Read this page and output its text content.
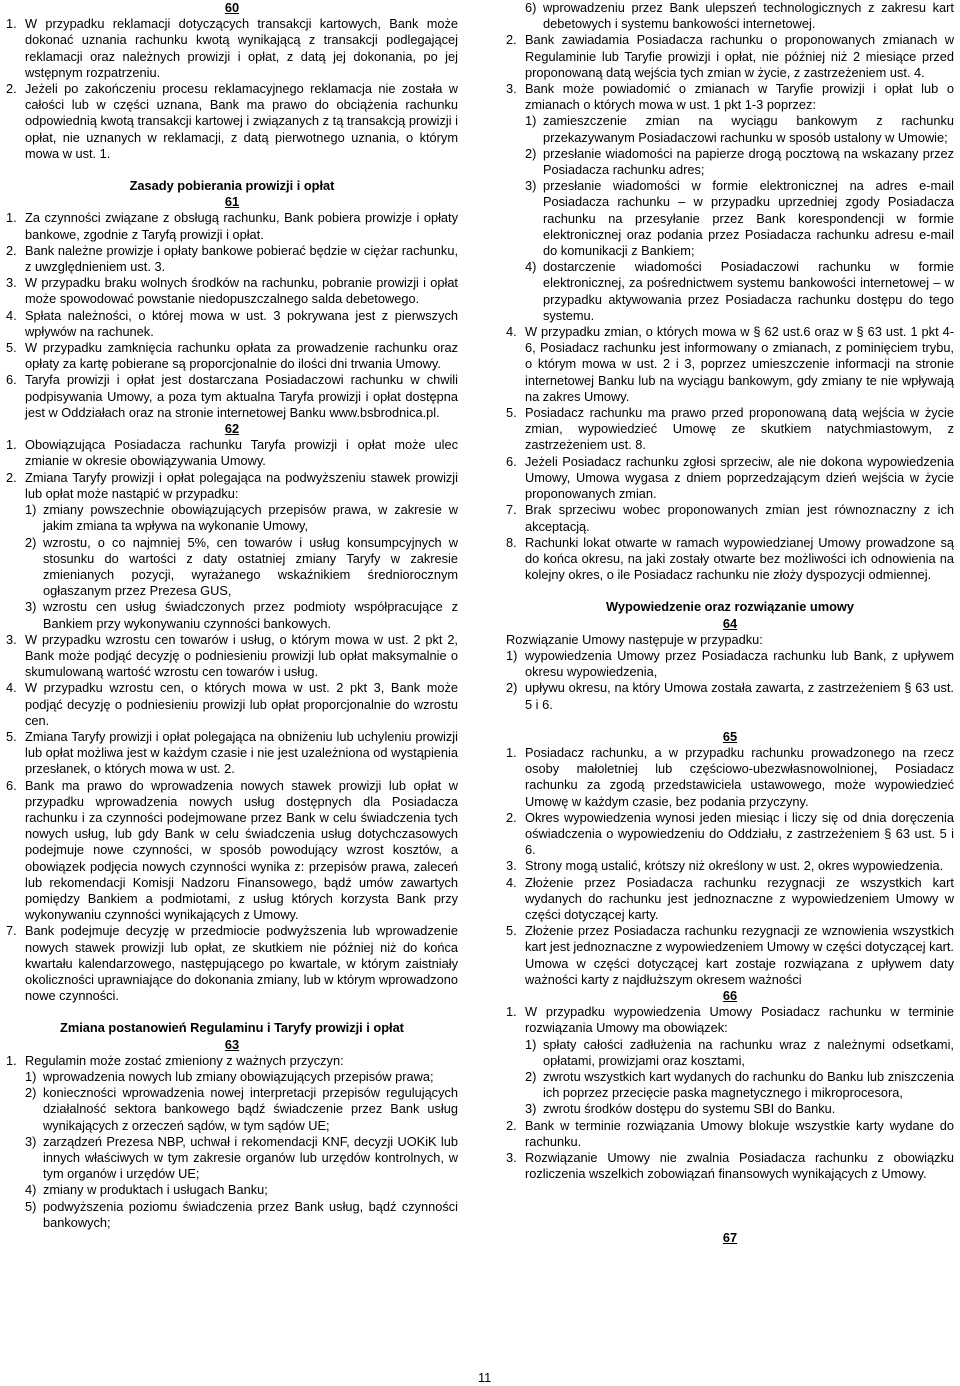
60

1. W przypadku reklamacji dotyczących transakcji kartowych, Bank może dokonać uznania rachunku kwotą wynikającą z transakcji podlegającej reklamacji oraz należnych prowizji i opłat, z datą jej dokonania, po jej wstępnym rozpatrzeniu.

2. Jeżeli po zakończeniu procesu reklamacyjnego reklamacja nie została w całości lub w części uznana, Bank ma prawo do obciążenia rachunku odpowiednią kwotą transakcji kartowej i związanych z tą transakcją prowizji i opłat, nie uznanych w reklamacji, z datą pierwotnego uznania, o którym mowa w ust. 1.

Zasady pobierania prowizji i opłat

61

1. Za czynności związane z obsługą rachunku, Bank pobiera prowizje i opłaty bankowe, zgodnie z Taryfą prowizji i opłat.

2. Bank należne prowizje i opłaty bankowe pobierać będzie w ciężar rachunku, z uwzględnieniem ust. 3.

3. W przypadku braku wolnych środków na rachunku, pobranie prowizji i opłat może spowodować powstanie niedopuszczalnego salda debetowego.

4. Spłata należności, o której mowa w ust. 3 pokrywana jest z pierwszych wpływów na rachunek.

5. W przypadku zamknięcia rachunku opłata za prowadzenie rachunku oraz opłaty za kartę pobierane są proporcjonalnie do ilości dni trwania Umowy.

6. Taryfa prowizji i opłat jest dostarczana Posiadaczowi rachunku w chwili podpisywania Umowy, a poza tym aktualna Taryfa prowizji i opłat dostępna jest w Oddziałach oraz na stronie internetowej Banku www.bsbrodnica.pl.

62

1. Obowiązująca Posiadacza rachunku Taryfa prowizji i opłat może ulec zmianie w okresie obowiązywania Umowy.

2. Zmiana Taryfy prowizji i opłat polegająca na podwyższeniu stawek prowizji lub opłat może nastąpić w przypadku:

1) zmiany powszechnie obowiązujących przepisów prawa, w zakresie w jakim zmiana ta wpływa na wykonanie Umowy,

2) wzrostu, o co najmniej 5%, cen towarów i usług konsumpcyjnych w stosunku do wartości z daty ostatniej zmiany Taryfy w zakresie zmienianych pozycji, wyrażanego wskaźnikiem średniorocznym ogłaszanym przez Prezesa GUS,

3) wzrostu cen usług świadczonych przez podmioty współpracujące z Bankiem przy wykonywaniu czynności bankowych.

3. W przypadku wzrostu cen towarów i usług, o którym mowa w ust. 2 pkt 2, Bank może podjąć decyzję o podniesieniu prowizji lub opłat maksymalnie o skumulowaną wartość wzrostu cen towarów i usług.

4. W przypadku wzrostu cen, o których mowa w ust. 2 pkt 3, Bank może podjąć decyzję o podniesieniu prowizji lub opłat proporcjonalnie do wzrostu cen.

5. Zmiana Taryfy prowizji i opłat polegająca na obniżeniu lub uchyleniu prowizji lub opłat możliwa jest w każdym czasie i nie jest uzależniona od wystąpienia przesłanek, o których mowa w ust. 2.

6. Bank ma prawo do wprowadzenia nowych stawek prowizji lub opłat w przypadku wprowadzenia nowych usług dostępnych dla Posiadacza rachunku i za czynności podejmowane przez Bank w celu świadczenia tych nowych usług, lub gdy Bank w celu świadczenia usług dotychczasowych podejmuje nowe czynności, w sposób powodujący wzrost kosztów, a obowiązek podjęcia nowych czynności wynika z: przepisów prawa, zaleceń lub rekomendacji Komisji Nadzoru Finansowego, bądź umów zawartych pomiędzy Bankiem a podmiotami, z usług których korzysta Bank przy wykonywaniu czynności wynikających z Umowy.

7. Bank podejmuje decyzję w przedmiocie podwyższenia lub wprowadzenie nowych stawek prowizji lub opłat, ze skutkiem nie później niż do końca kwartału kalendarzowego, następującego po kwartale, w którym zaistniały okoliczności uprawniające do dokonania zmiany, lub w którym wprowadzono nowe czynności.

Zmiana postanowień Regulaminu i Taryfy prowizji i opłat

63

1. Regulamin może zostać zmieniony z ważnych przyczyn:

1) wprowadzenia nowych lub zmiany obowiązujących przepisów prawa;

2) konieczności wprowadzenia nowej interpretacji przepisów regulujących działalność sektora bankowego bądź świadczenie przez Bank usług wynikających z orzeczeń sądów, w tym sądów UE;

3) zarządzeń Prezesa NBP, uchwał i rekomendacji KNF, decyzji UOKiK lub innych właściwych w tym zakresie organów lub urzędów kontrolnych, w tym organów i urzędów UE;

4) zmiany w produktach i usługach Banku;

5) podwyższenia poziomu świadczenia przez Bank usług, bądź czynności bankowych;

6) wprowadzeniu przez Bank ulepszeń technologicznych z zakresu kart debetowych i systemu bankowości internetowej.

2. Bank zawiadamia Posiadacza rachunku o proponowanych zmianach w Regulaminie lub Taryfie prowizji i opłat, nie później niż 2 miesiące przed proponowaną datą wejścia tych zmian w życie, z zastrzeżeniem ust. 4.

3. Bank może powiadomić o zmianach w Taryfie prowizji i opłat lub o zmianach o których mowa w ust. 1 pkt 1-3 poprzez:

1) zamieszczenie zmian na wyciągu bankowym z rachunku przekazywanym Posiadaczowi rachunku w sposób ustalony w Umowie;

2) przesłanie wiadomości na papierze drogą pocztową na wskazany przez Posiadacza rachunku adres;

3) przesłanie wiadomości w formie elektronicznej na adres e-mail Posiadacza rachunku – w przypadku uprzedniej zgody Posiadacza rachunku na przesyłanie przez Bank korespondencji w formie elektronicznej oraz podania przez Posiadacza rachunku adresu e-mail do komunikacji z Bankiem;

4) dostarczenie wiadomości Posiadaczowi rachunku w formie elektronicznej, za pośrednictwem systemu bankowości internetowej – w przypadku aktywowania przez Posiadacza rachunku dostępu do tego systemu.

4. W przypadku zmian, o których mowa w § 62 ust.6 oraz w § 63 ust. 1 pkt 4-6, Posiadacz rachunku jest informowany o zmianach, z pominięciem trybu, o którym mowa w ust. 2 i 3, poprzez umieszczenie informacji na stronie internetowej Banku lub na wyciągu bankowym, gdy zmiany te nie wpływają na zakres Umowy.

5. Posiadacz rachunku ma prawo przed proponowaną datą wejścia w życie zmian, wypowiedzieć Umowę ze skutkiem natychmiastowym, z zastrzeżeniem ust. 8.

6. Jeżeli Posiadacz rachunku zgłosi sprzeciw, ale nie dokona wypowiedzenia Umowy, Umowa wygasa z dniem poprzedzającym dzień wejścia w życie proponowanych zmian.

7. Brak sprzeciwu wobec proponowanych zmian jest równoznaczny z ich akceptacją.

8. Rachunki lokat otwarte w ramach wypowiedzianej Umowy prowadzone są do końca okresu, na jaki zostały otwarte bez możliwości ich odnowienia na kolejny okres, o ile Posiadacz rachunku nie złoży dyspozycji odmiennej.

Wypowiedzenie oraz rozwiązanie umowy

64

Rozwiązanie Umowy następuje w przypadku:

1) wypowiedzenia Umowy przez Posiadacza rachunku lub Bank, z upływem okresu wypowiedzenia,

2) upływu okresu, na który Umowa została zawarta, z zastrzeżeniem § 63 ust. 5 i 6.

65

1. Posiadacz rachunku, a w przypadku rachunku prowadzonego na rzecz osoby małoletniej lub częściowo-ubezwłasnowolnionej, Posiadacz rachunku za zgodą przedstawiciela ustawowego, może wypowiedzieć Umowę w każdym czasie, bez podania przyczyny.

2. Okres wypowiedzenia wynosi jeden miesiąc i liczy się od dnia doręczenia oświadczenia o wypowiedzeniu do Oddziału, z zastrzeżeniem § 63 ust. 5 i 6.

3. Strony mogą ustalić, krótszy niż określony w ust. 2, okres wypowiedzenia.

4. Złożenie przez Posiadacza rachunku rezygnacji ze wszystkich kart wydanych do rachunku jest jednoznaczne z wypowiedzeniem Umowy w części dotyczącej karty.

5. Złożenie przez Posiadacza rachunku rezygnacji ze wznowienia wszystkich kart jest jednoznaczne z wypowiedzeniem Umowy w części dotyczącej kart. Umowa w części dotyczącej kart zostaje rozwiązana z upływem daty ważności karty z najdłuższym okresem ważności

66

1. W przypadku wypowiedzenia Umowy Posiadacz rachunku w terminie rozwiązania Umowy ma obowiązek:

1) spłaty całości zadłużenia na rachunku wraz z należnymi odsetkami, opłatami, prowizjami oraz kosztami,

2) zwrotu wszystkich kart wydanych do rachunku do Banku lub zniszczenia ich poprzez przecięcie paska magnetycznego i mikroprocesora,

3) zwrotu środków dostępu do systemu SBI do Banku.

2. Bank w terminie rozwiązania Umowy blokuje wszystkie karty wydane do rachunku.

3. Rozwiązanie Umowy nie zwalnia Posiadacza rachunku z obowiązku rozliczenia wszelkich zobowiązań finansowych wynikających z Umowy.

67

11
